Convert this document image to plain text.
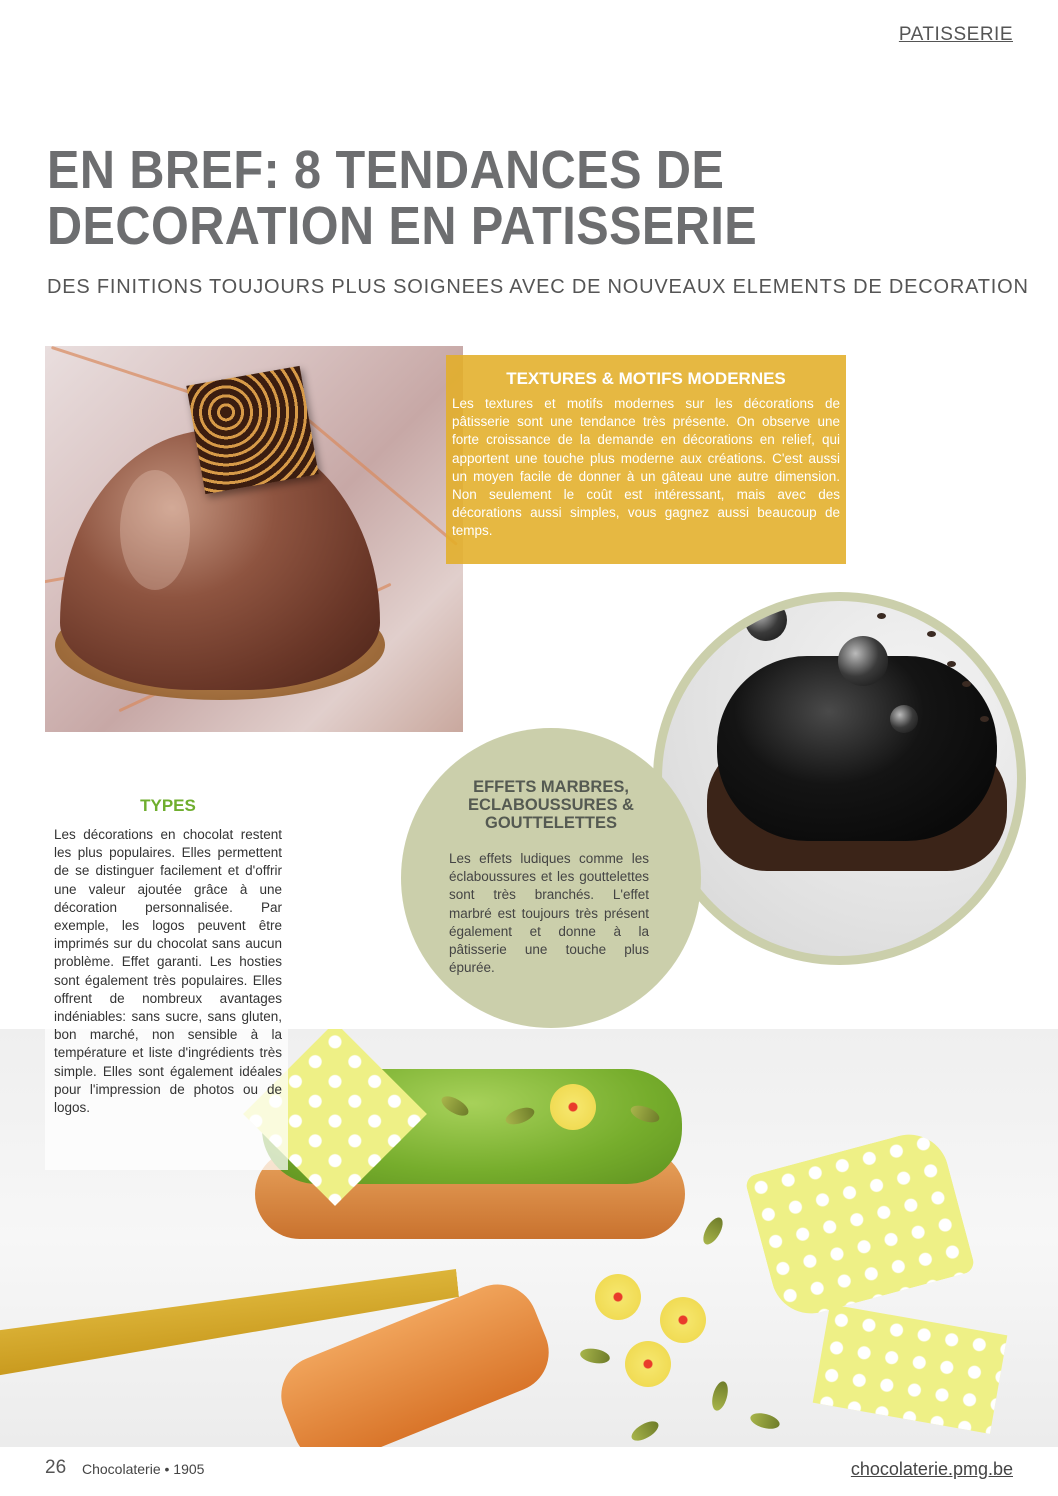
PATISSERIE
EN BREF: 8 TENDANCES DE DECORATION EN PATISSERIE

DES FINITIONS TOUJOURS PLUS SOIGNEES AVEC DE NOUVEAUX ELEMENTS DE DECORATION

TEXTURES & MOTIFS MODERNES

Les textures et motifs modernes sur les décorations de pâtisserie sont une tendance très présente. On observe une forte croissance de la demande en décorations en relief, qui apportent une touche plus moderne aux créations. C'est aussi un moyen facile de donner à un gâteau une autre dimension. Non seulement le coût est intéressant, mais avec des décorations aussi simples, vous gagnez aussi beaucoup de temps.

EFFETS MARBRES, ECLABOUSSURES & GOUTTELETTES

Les effets ludiques comme les éclaboussures et les gouttelettes sont très branchés. L'effet marbré est toujours très présent également et donne à la pâtisserie une touche plus épurée.

TYPES

Les décorations en chocolat restent les plus populaires. Elles permettent de se distinguer facilement et d'offrir une valeur ajoutée grâce à une décoration personnalisée. Par exemple, les logos peuvent être imprimés sur du chocolat sans aucun problème. Effet garanti. Les hosties sont également très populaires. Elles offrent de nombreux avantages indéniables: sans sucre, sans gluten, bon marché, non sensible à la température et liste d'ingrédients très simple. Elles sont également idéales pour l'impression de photos ou de logos.

26 Chocolaterie • 1905	chocolaterie.pmg.be
